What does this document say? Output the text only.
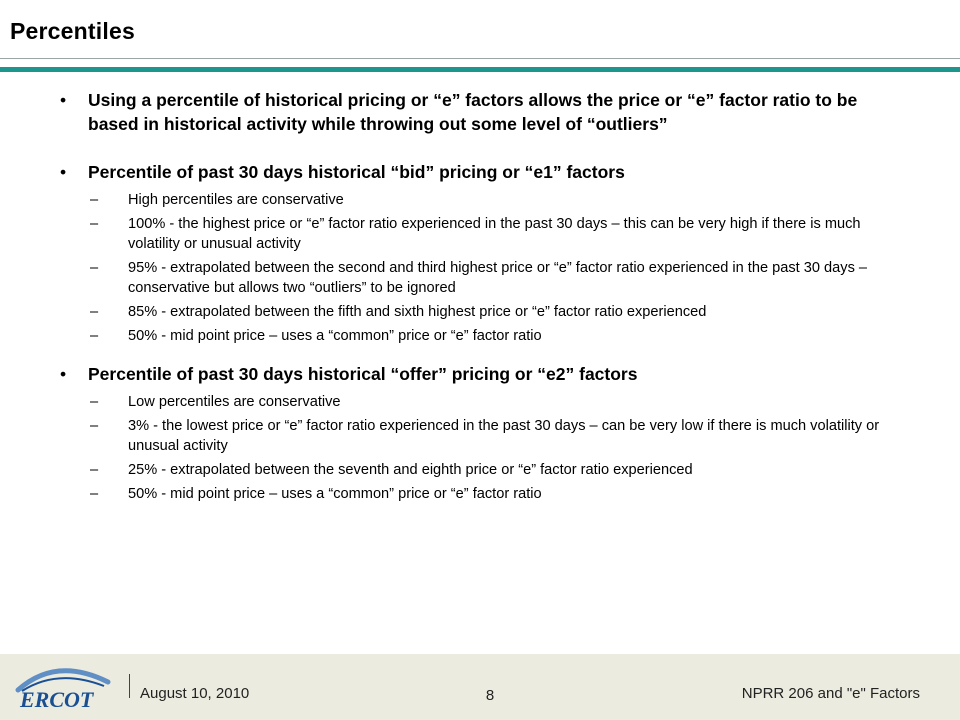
Percentiles
•	Using a percentile of historical pricing or “e” factors allows the price or “e” factor ratio to be based in historical activity while throwing out some level of “outliers”
•	Percentile of past 30 days historical “bid” pricing or “e1” factors
–	High percentiles are conservative
–	100% - the highest price or “e” factor ratio experienced in the past 30 days – this can be very high if there is much volatility or unusual activity
–	95% - extrapolated between the second and third highest price or “e” factor ratio experienced in the past 30 days – conservative but allows two “outliers” to be ignored
–	85% - extrapolated between the fifth and sixth highest price or “e” factor ratio experienced
–	50% - mid point price – uses a “common” price or “e” factor ratio
•	Percentile of past 30 days historical “offer” pricing or “e2” factors
–	Low percentiles are conservative
–	3% - the lowest price or “e” factor ratio experienced in the past 30 days – can be very low if there is much volatility or unusual activity
–	25% - extrapolated between the seventh and eighth price or “e” factor ratio experienced
–	50% - mid point price – uses a “common” price or “e” factor ratio
ERCOT	August 10, 2010	8	NPRR 206 and "e" Factors
